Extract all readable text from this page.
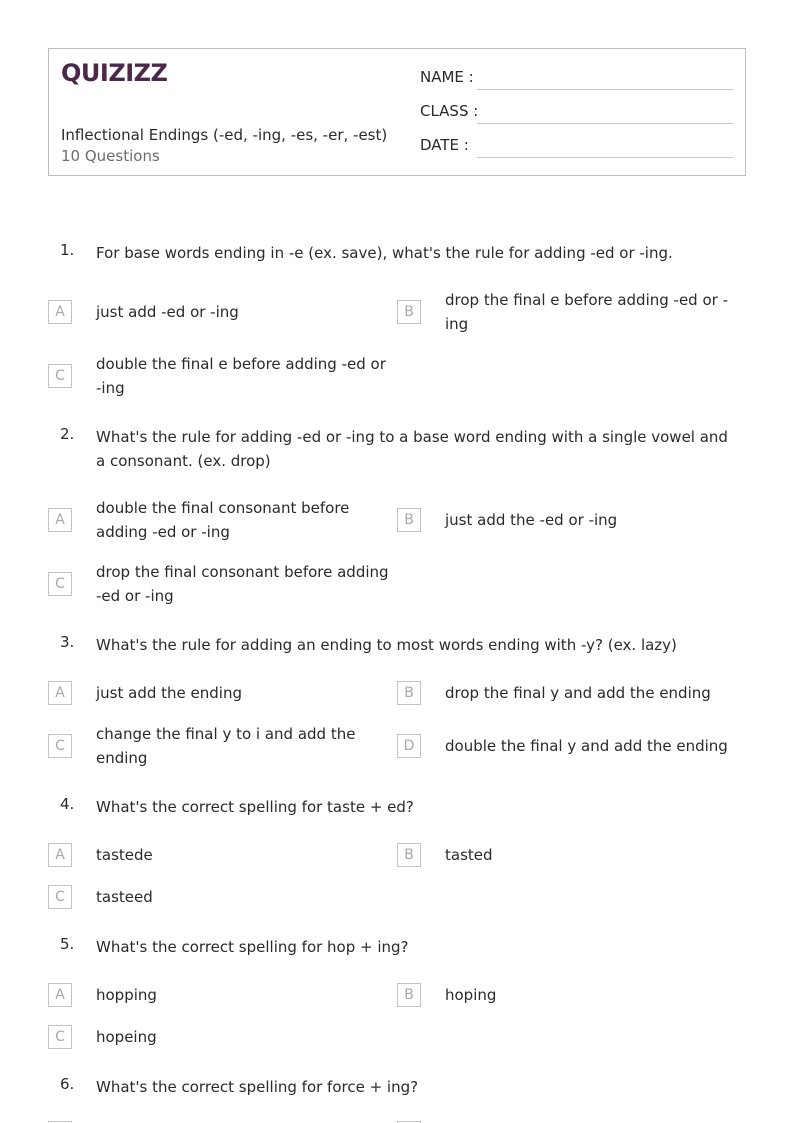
QUIZIZZ
Inflectional Endings (-ed, -ing, -es, -er, -est)
10 Questions
NAME :
CLASS :
DATE :
1. For base words ending in -e (ex. save), what's the rule for adding -ed or -ing.
A	just add -ed or -ing	B
drop the final e before adding -ed or -ing
C
double the final e before adding -ed or -ing
2. What's the rule for adding -ed or -ing to a base word ending with a single vowel and a consonant. (ex. drop)
A
double the final consonant before adding -ed or -ing
B	just add the -ed or -ing
C
drop the final consonant before adding -ed or -ing
3. What's the rule for adding an ending to most words ending with -y? (ex. lazy)
A	just add the ending	B	drop the final y and add the ending
C
change the final y to i and add the ending
D	double the final y and add the ending
4. What's the correct spelling for taste + ed?
A	tastede	B	tasted
C	tasteed
5. What's the correct spelling for hop + ing?
A	hopping	B	hoping
C	hopeing
6. What's the correct spelling for force + ing?
